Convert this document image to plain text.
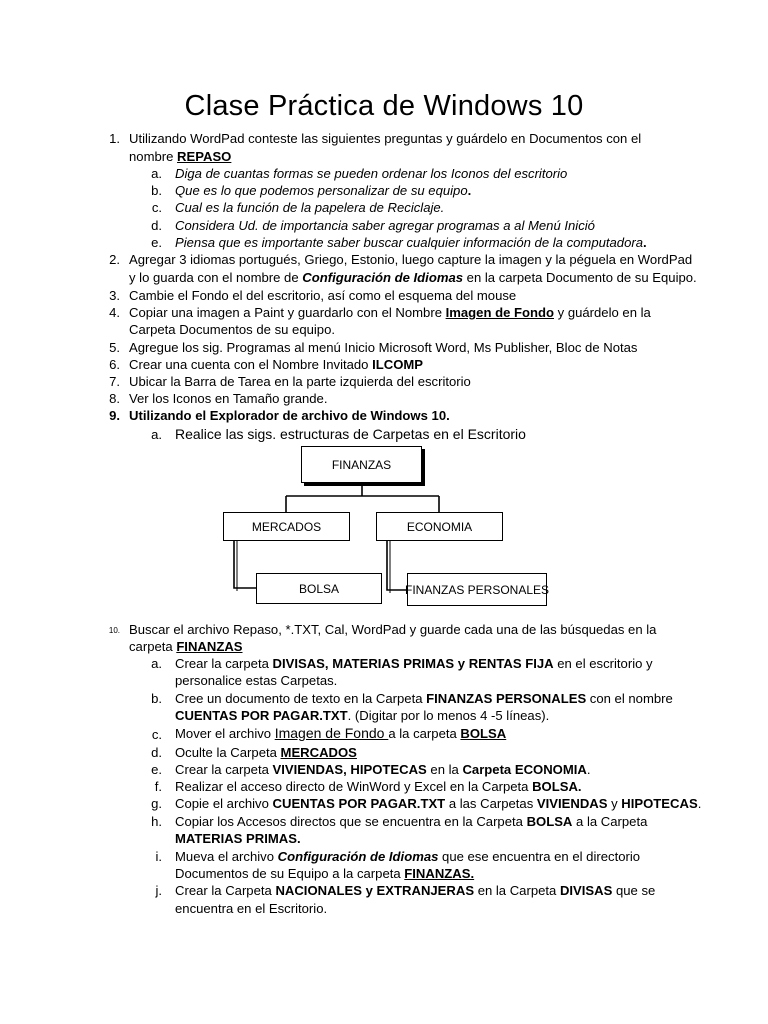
Clase Práctica de Windows 10
1. Utilizando WordPad conteste las siguientes preguntas y guárdelo en Documentos con el
nombre REPASO
a. Diga de cuantas formas se pueden ordenar los Iconos del escritorio
b. Que es lo que podemos personalizar de su equipo.
c. Cual es la función de la papelera de Reciclaje.
d. Considera Ud. de importancia saber agregar programas a al Menú Inició
e. Piensa que es importante saber buscar cualquier información de la computadora.
2. Agregar 3 idiomas portugués, Griego, Estonio, luego capture la imagen y la péguela en WordPad
y lo guarda con el nombre de Configuración de Idiomas en la carpeta Documento de su Equipo.
3. Cambie el Fondo el del escritorio, así como el esquema del mouse
4. Copiar una imagen a Paint y guardarlo con el Nombre Imagen de Fondo y guárdelo en la
Carpeta Documentos de su equipo.
5. Agregue los sig. Programas al menú Inicio Microsoft Word, Ms Publisher, Bloc de Notas
6. Crear una cuenta con el Nombre Invitado ILCOMP
7. Ubicar la Barra de Tarea en la parte izquierda del escritorio
8. Ver los Iconos en Tamaño grande.
9. Utilizando el Explorador de archivo de Windows 10.
a. Realice las sigs. estructuras de Carpetas en el Escritorio
FINANZAS
MERCADOS	ECONOMIA
BOLSA	FINANZAS PERSONALES
10. Buscar el archivo Repaso, *.TXT, Cal, WordPad y guarde cada una de las búsquedas en la
carpeta FINANZAS
a. Crear la carpeta DIVISAS, MATERIAS PRIMAS y RENTAS FIJA en el escritorio y
personalice estas Carpetas.
b. Cree un documento de texto en la Carpeta FINANZAS PERSONALES con el nombre
CUENTAS POR PAGAR.TXT. (Digitar por lo menos 4 -5 líneas).
c. Mover el archivo Imagen de Fondo a la carpeta BOLSA
d. Oculte la Carpeta MERCADOS
e. Crear la carpeta VIVIENDAS, HIPOTECAS en la Carpeta ECONOMIA.
f. Realizar el acceso directo de WinWord y Excel en la Carpeta BOLSA.
g. Copie el archivo CUENTAS POR PAGAR.TXT a las Carpetas VIVIENDAS y HIPOTECAS.
h. Copiar los Accesos directos que se encuentra en la Carpeta BOLSA a la Carpeta
MATERIAS PRIMAS.
i. Mueva el archivo Configuración de Idiomas que ese encuentra en el directorio
Documentos de su Equipo a la carpeta FINANZAS.
j. Crear la Carpeta NACIONALES y EXTRANJERAS en la Carpeta DIVISAS que se
encuentra en el Escritorio.
